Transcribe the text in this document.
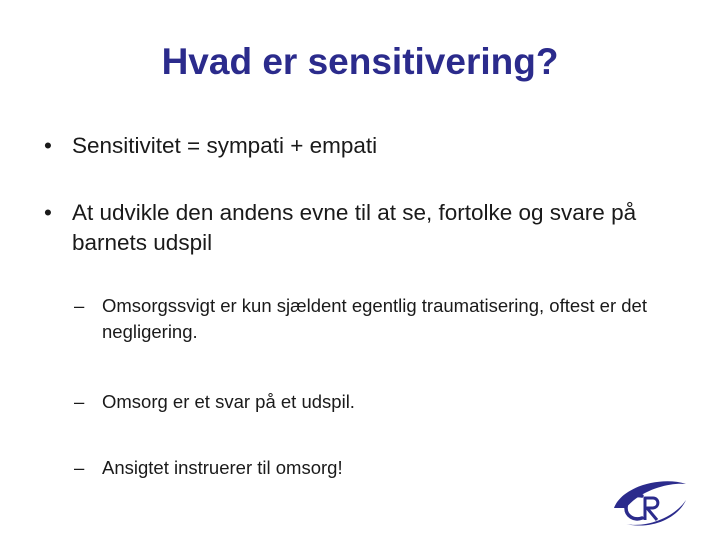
Hvad er sensitivering?
• Sensitivitet = sympati + empati
• At udvikle den andens evne til at se, fortolke og svare på barnets udspil
– Omsorgssvigt er kun sjældent egentlig traumatisering, oftest er det negligering.
– Omsorg er et svar på et udspil.
– Ansigtet instruerer til omsorg!
